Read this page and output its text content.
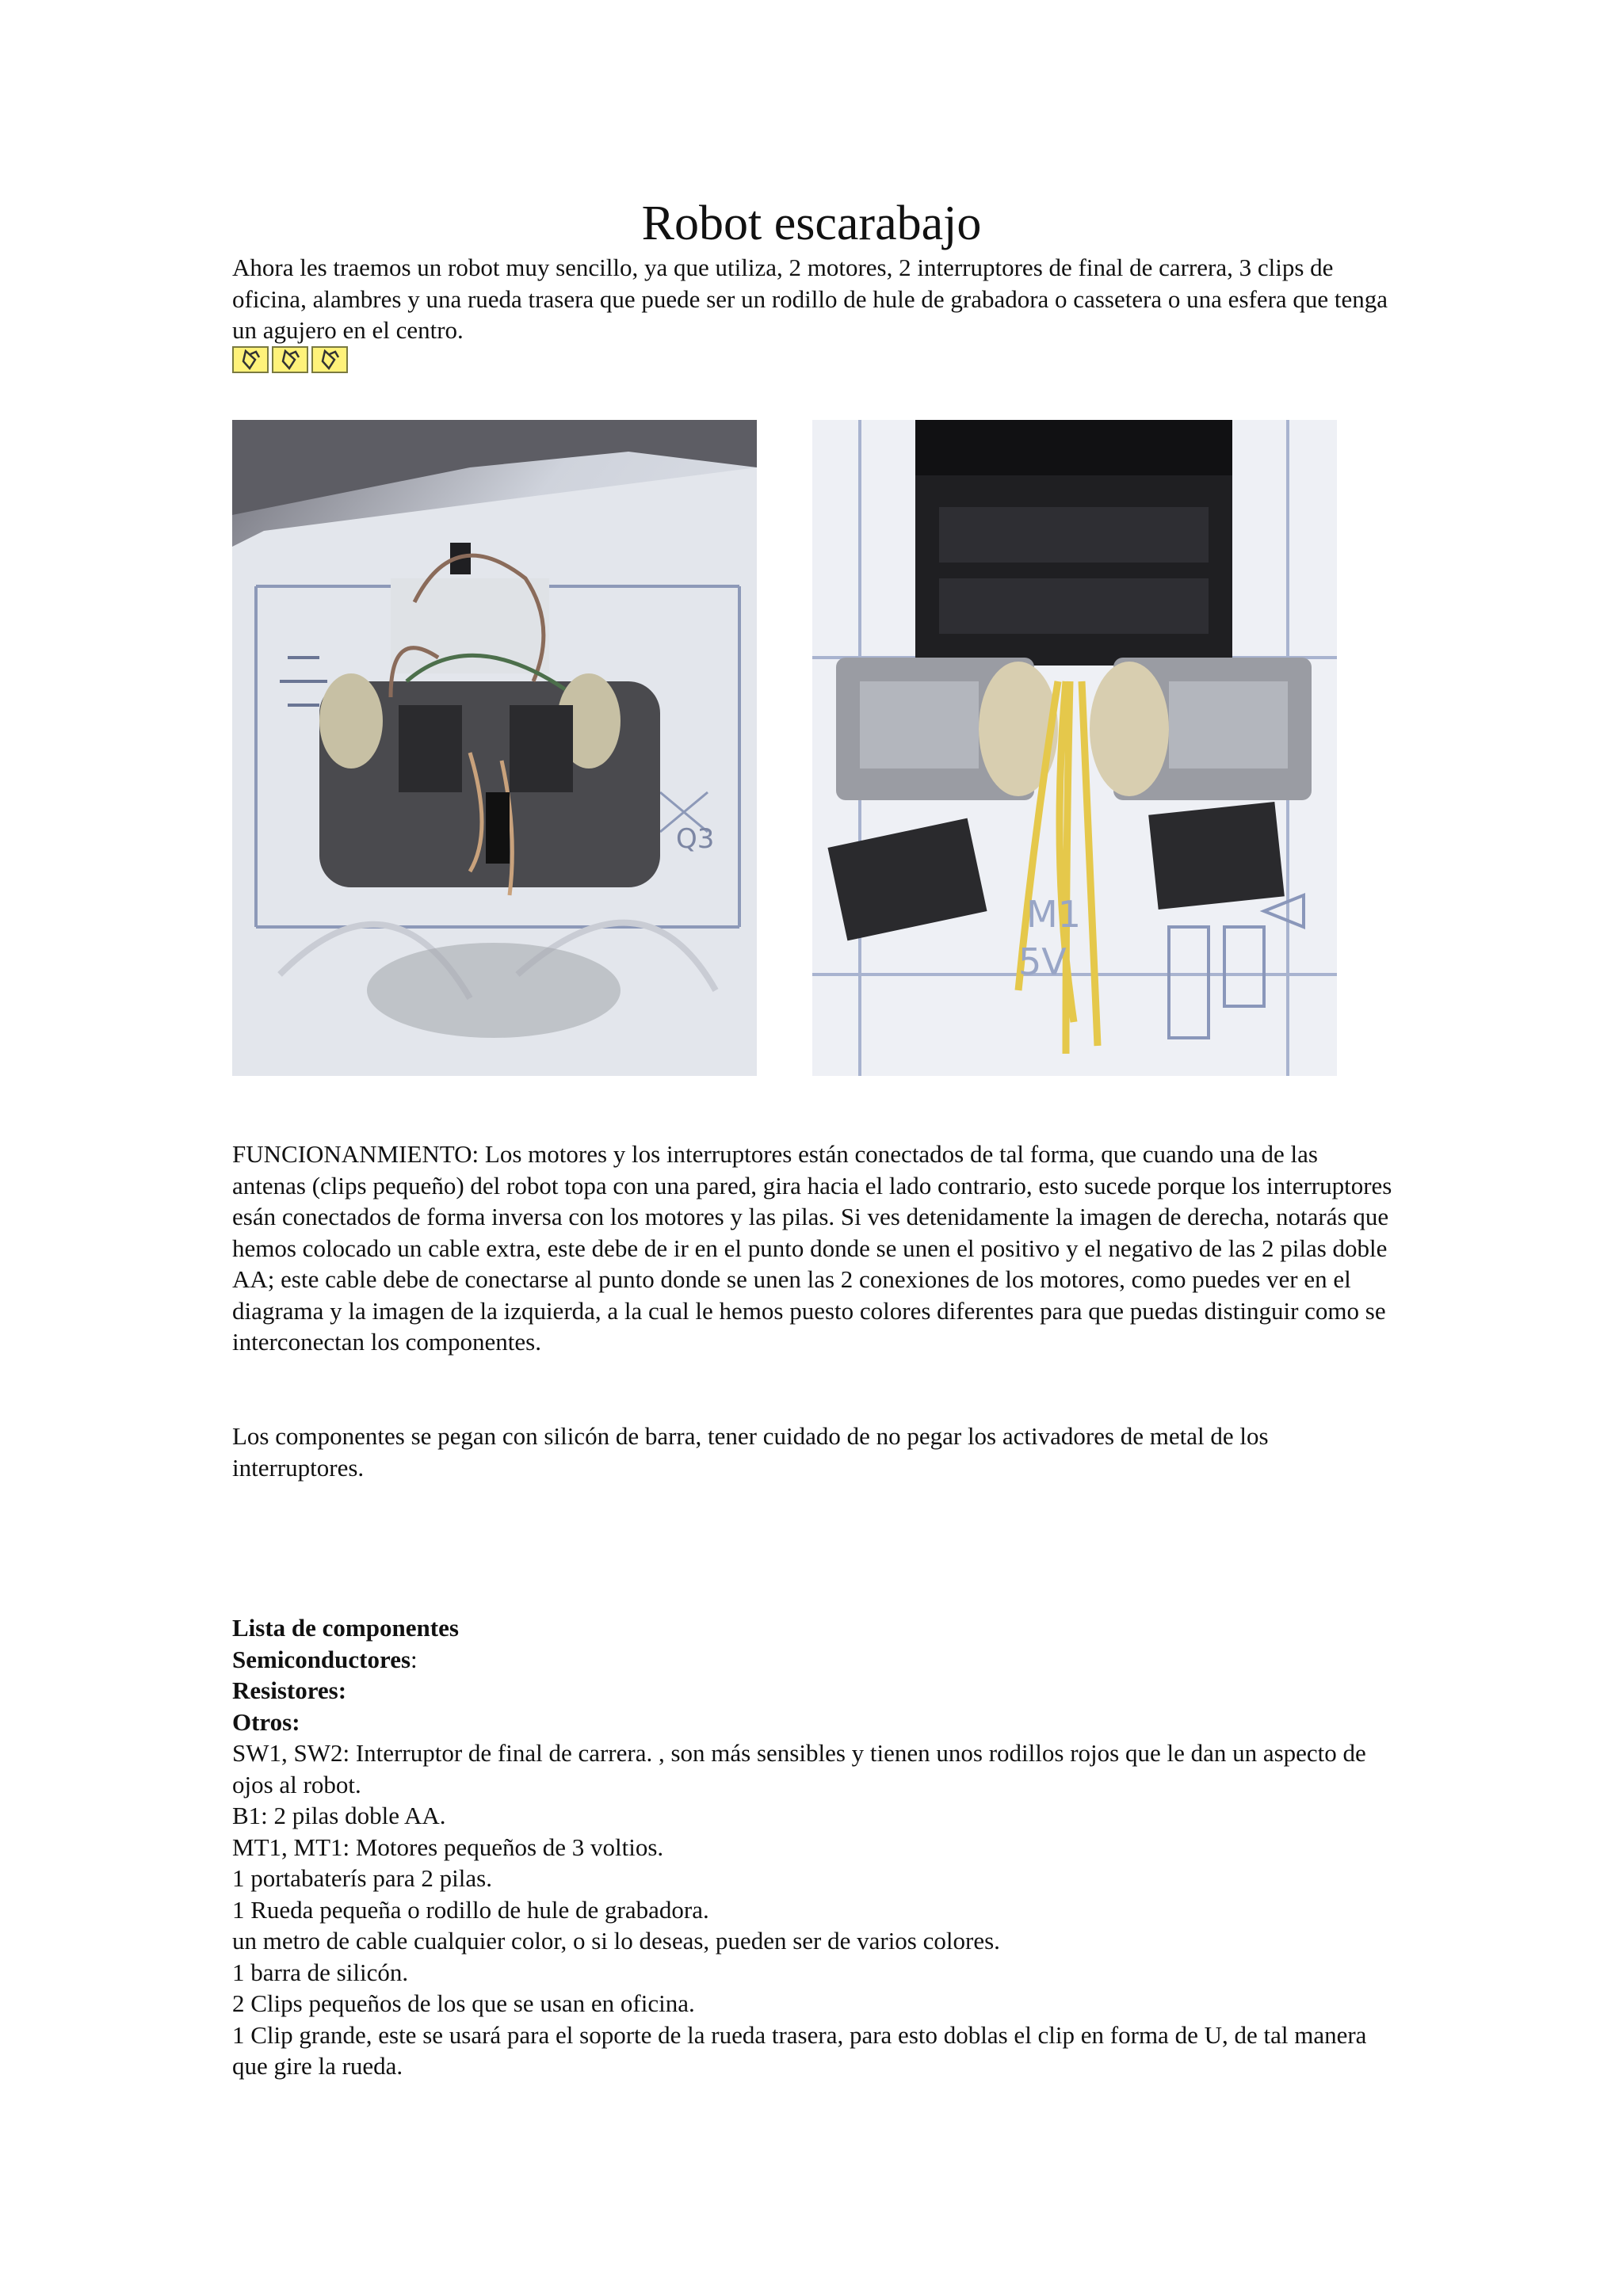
Robot escarabajo

Ahora les traemos un robot muy sencillo, ya que utiliza, 2 motores, 2 interruptores de final de carrera, 3 clips de oficina, alambres y una rueda trasera que puede ser un rodillo de hule de grabadora o cassetera o una esfera que tenga un agujero en el centro.

Q3
M1
5V

FUNCIONANMIENTO: Los motores y los interruptores están conectados de tal forma, que cuando una de las antenas (clips pequeño) del robot topa con una pared, gira hacia el lado contrario, esto sucede porque los interruptores esán conectados de forma inversa con los motores y las pilas. Si ves detenidamente la imagen de derecha, notarás que hemos colocado un cable extra, este debe de ir en el punto donde se unen el positivo y el negativo de las 2 pilas doble AA; este cable debe de conectarse al punto donde se unen las 2 conexiones de los motores, como puedes ver en el diagrama y la imagen de la izquierda, a la cual le hemos puesto colores diferentes para que puedas distinguir como se interconectan los componentes.

Los componentes se pegan con silicón de barra, tener cuidado de no pegar los activadores de metal de los interruptores.

Lista de componentes

Semiconductores:

Resistores:

Otros:

SW1, SW2: Interruptor de final de carrera. , son más sensibles y tienen unos rodillos rojos que le dan un aspecto de ojos al robot.

B1: 2 pilas doble AA.

MT1, MT1: Motores pequeños de 3 voltios.

1 portabaterís para 2 pilas.

1 Rueda pequeña o rodillo de hule de grabadora.

un metro de cable cualquier color, o si lo deseas, pueden ser de varios colores.

1 barra de silicón.

2 Clips pequeños de los que se usan en oficina.

1 Clip grande, este se usará para el soporte de la rueda trasera, para esto doblas el clip en forma de U, de tal manera que gire la rueda.
